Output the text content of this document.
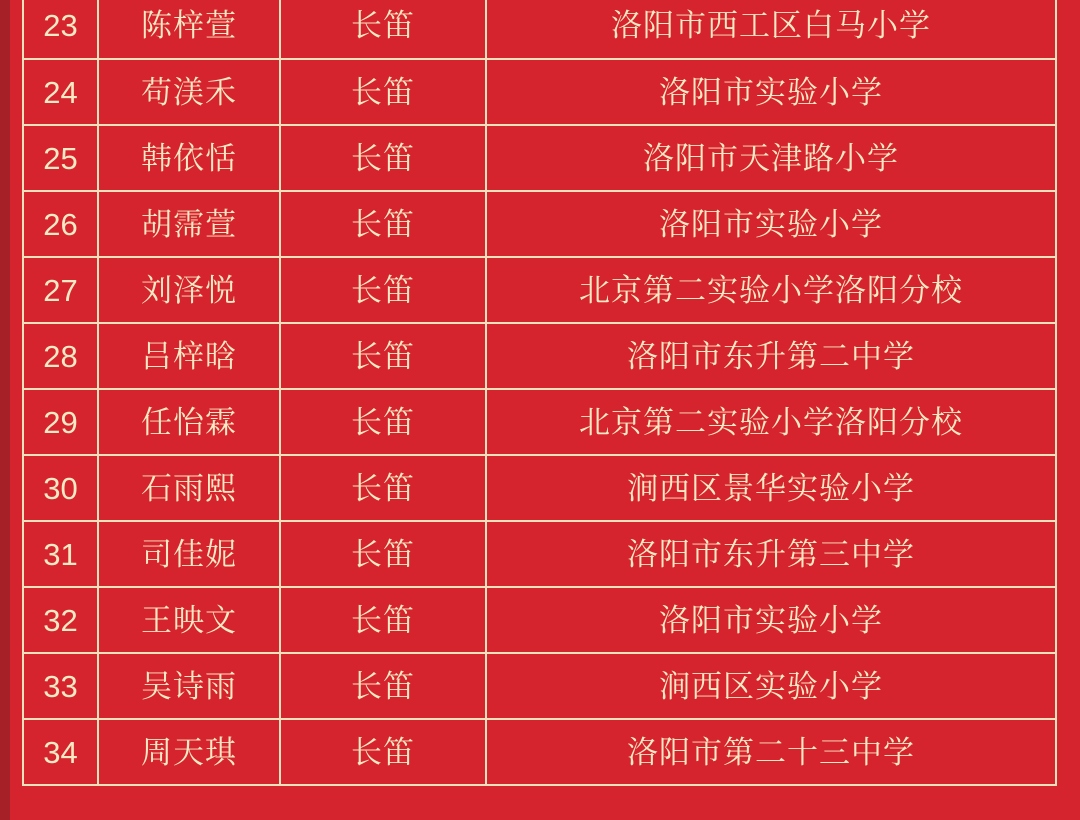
23	陈梓萱	长笛	洛阳市西工区白马小学
24	苟渼禾	长笛	洛阳市实验小学
25	韩依恬	长笛	洛阳市天津路小学
26	胡霈萱	长笛	洛阳市实验小学
27	刘泽悦	长笛	北京第二实验小学洛阳分校
28	吕梓晗	长笛	洛阳市东升第二中学
29	任怡霖	长笛	北京第二实验小学洛阳分校
30	石雨熙	长笛	涧西区景华实验小学
31	司佳妮	长笛	洛阳市东升第三中学
32	王映文	长笛	洛阳市实验小学
33	吴诗雨	长笛	涧西区实验小学
34	周天琪	长笛	洛阳市第二十三中学
